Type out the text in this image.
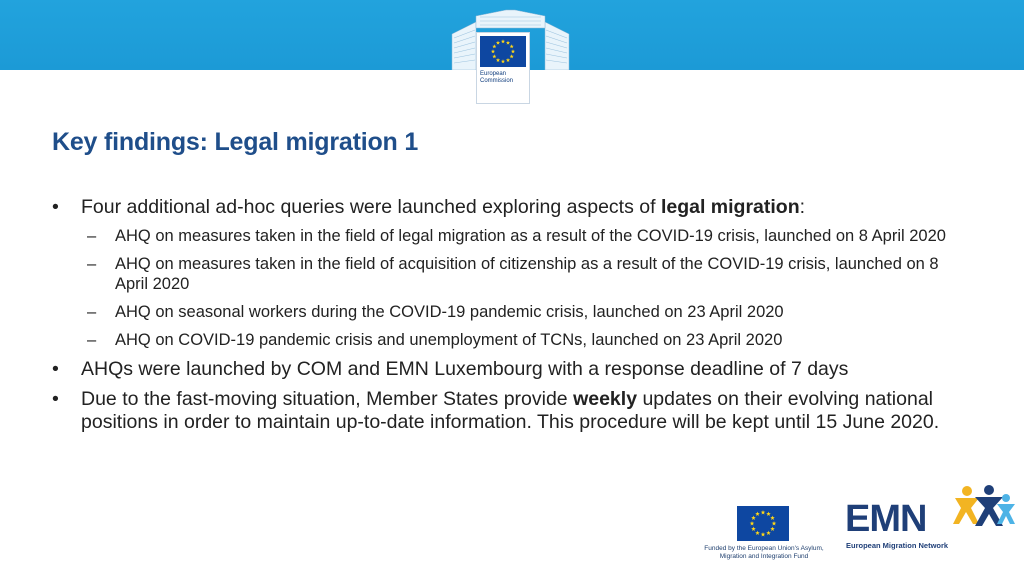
European
Commission
Key findings: Legal migration 1
• Four additional ad-hoc queries were launched exploring aspects of legal migration:
– AHQ on measures taken in the field of legal migration as a result of the COVID-19 crisis, launched on 8 April 2020
– AHQ on measures taken in the field of acquisition of citizenship as a result of the COVID-19 crisis, launched on 8 April 2020
– AHQ on seasonal workers during the COVID-19 pandemic crisis, launched on 23 April 2020
– AHQ on COVID-19 pandemic crisis and unemployment of TCNs, launched on 23 April 2020
• AHQs were launched by COM and EMN Luxembourg with a response deadline of 7 days
• Due to the fast-moving situation, Member States provide weekly updates on their evolving national positions in order to maintain up-to-date information. This procedure will be kept until 15 June 2020.
Funded by the European Union's Asylum,
Migration and Integration Fund
EMN
European Migration Network
